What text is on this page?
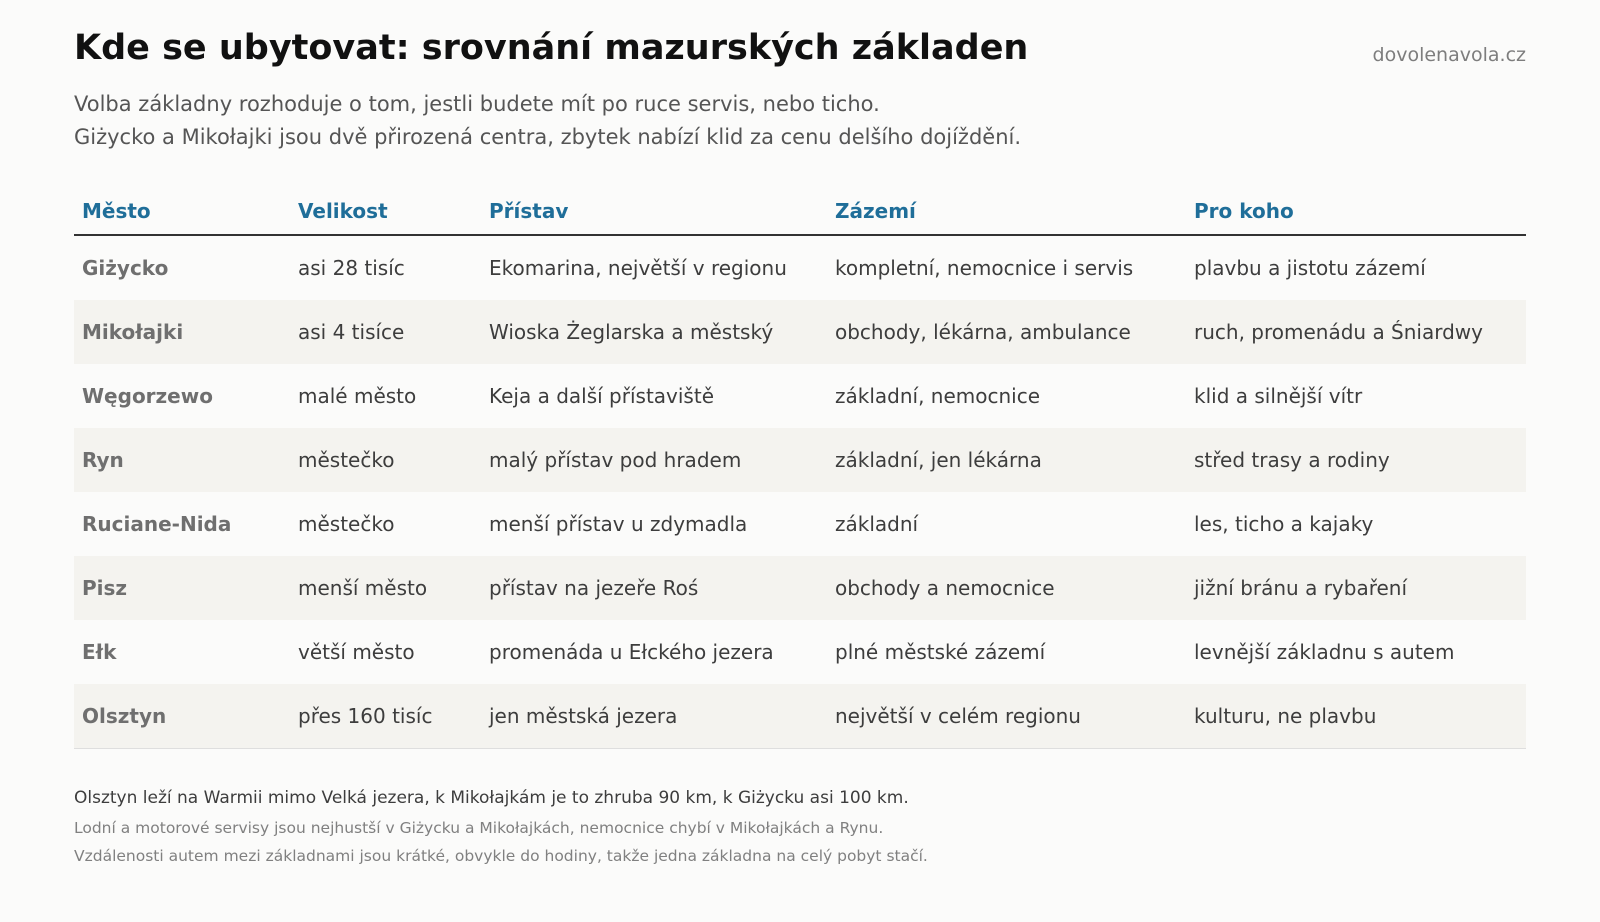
Kde se ubytovat: srovnání mazurských základen	dovolenavola.cz
Volba základny rozhoduje o tom, jestli budete mít po ruce servis, nebo ticho.
Giżycko a Mikołajki jsou dvě přirozená centra, zbytek nabízí klid za cenu delšího dojíždění.
Město	Velikost	Přístav	Zázemí	Pro koho
Giżycko	asi 28 tisíc	Ekomarina, největší v regionu	kompletní, nemocnice i servis	plavbu a jistotu zázemí
Mikołajki	asi 4 tisíce	Wioska Żeglarska a městský	obchody, lékárna, ambulance	ruch, promenádu a Śniardwy
Węgorzewo	malé město	Keja a další přístaviště	základní, nemocnice	klid a silnější vítr
Ryn	městečko	malý přístav pod hradem	základní, jen lékárna	střed trasy a rodiny
Ruciane-Nida	městečko	menší přístav u zdymadla	základní	les, ticho a kajaky
Pisz	menší město	přístav na jezeře Roś	obchody a nemocnice	jižní bránu a rybaření
Ełk	větší město	promenáda u Ełckého jezera	plné městské zázemí	levnější základnu s autem
Olsztyn	přes 160 tisíc	jen městská jezera	největší v celém regionu	kulturu, ne plavbu
Olsztyn leží na Warmii mimo Velká jezera, k Mikołajkám je to zhruba 90 km, k Giżycku asi 100 km.
Lodní a motorové servisy jsou nejhustší v Giżycku a Mikołajkách, nemocnice chybí v Mikołajkách a Rynu.
Vzdálenosti autem mezi základnami jsou krátké, obvykle do hodiny, takže jedna základna na celý pobyt stačí.
